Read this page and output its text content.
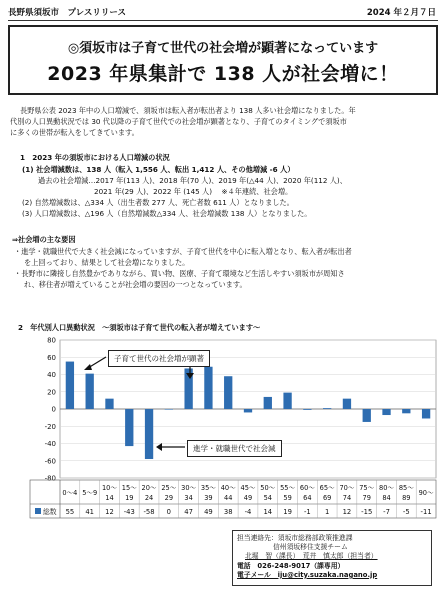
長野県須坂市　プレスリリース	2024 年２月７日
◎須坂市は子育て世代の社会増が顕著になっています
2023 年県集計で 138 人が社会増に！
長野県公表 2023 年中の人口増減で、須坂市は転入者が転出者より 138 人多い社会増になりました。年
代別の人口異動状況では 30 代以降の子育て世代での社会増が顕著となり、子育てのタイミングで須坂市
に多くの世帯が転入をしてきています。
1　2023 年の須坂市における人口増減の状況
(1) 社会増減数は、138 人（転入 1,556 人、転出 1,412 人、その他増減 -6 人）
過去の社会増減…2017 年(113 人)、2018 年(70 人)、2019 年(△44 人)、2020 年(112 人)、
2021 年(29 人)、2022 年 (145 人)　 ※４年連続、社会増。
(2) 自然増減数は、△334 人（出生者数 277 人、死亡者数 611 人）となりました。
(3) 人口増減数は、△196 人（自然増減数△334 人、社会増減数 138 人）となりました。
⇒社会増の主な要因
・進学・就職世代で大きく社会減になっていますが、子育て世代を中心に転入増となり、転入者が転出者
を上回っており、結果として社会増になりました。
・長野市に隣接し自然豊かでありながら、買い物、医療、子育て環境など生活しやすい須坂市が周知さ
れ、移住者が増えていることが社会増の要因の一つとなっています。
2　年代別人口異動状況　～須坂市は子育て世代の転入者が増えています～
80
60
40
20
0
-20
-40
-60
-80
0～4
55
5～9
41
10～
14
12
15～
19
-43
20～
24
-58
25～
29
0
30～
34
47
35～
39
49
40～
44
38
45～
49
-4
50～
54
14
55～
59
19
60～
64
-1
65～
69
1
70～
74
12
75～
79
-15
80～
84
-7
85～
89
-5
90～
-11
総数
子育て世代の社会増が顕著
進学・就職世代で社会減
担当連絡先：須坂市総務部政策推進課
信州須坂移住支援チーム
北堀　智（課長）　荒井　慎太郎（担当者）
電話　026-248-9017（課専用）
電子メール　iju@city.suzaka.nagano.jp
